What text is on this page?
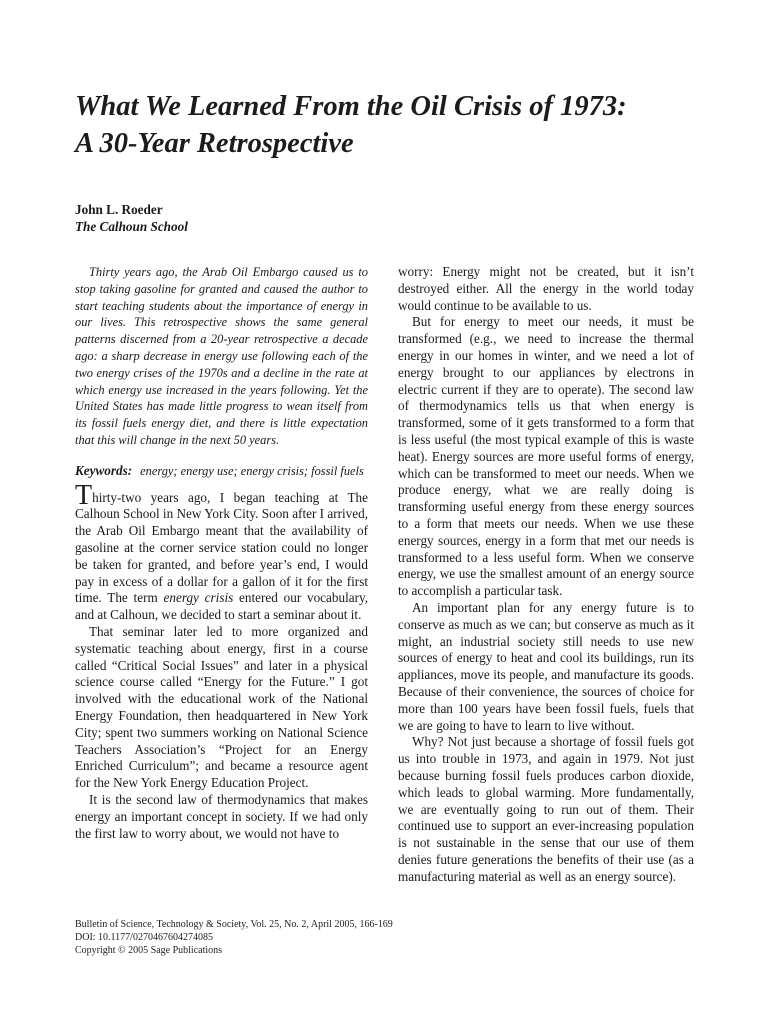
What We Learned From the Oil Crisis of 1973:
A 30-Year Retrospective
John L. Roeder
The Calhoun School

Thirty years ago, the Arab Oil Embargo caused us to stop taking gasoline for granted and caused the author to start teaching students about the importance of energy in our lives. This retrospective shows the same general patterns discerned from a 20-year retrospective a decade ago: a sharp decrease in energy use following each of the two energy crises of the 1970s and a decline in the rate at which energy use increased in the years following. Yet the United States has made little progress to wean itself from its fossil fuels energy diet, and there is little expectation that this will change in the next 50 years.

Keywords: energy; energy use; energy crisis; fossil fuels

Thirty-two years ago, I began teaching at The Calhoun School in New York City. Soon after I arrived, the Arab Oil Embargo meant that the availability of gasoline at the corner service station could no longer be taken for granted, and before year’s end, I would pay in excess of a dollar for a gallon of it for the first time. The term energy crisis entered our vocabulary, and at Calhoun, we decided to start a seminar about it.

That seminar later led to more organized and systematic teaching about energy, first in a course called “Critical Social Issues” and later in a physical science course called “Energy for the Future.” I got involved with the educational work of the National Energy Foundation, then headquartered in New York City; spent two summers working on National Science Teachers Association’s “Project for an Energy Enriched Curriculum”; and became a resource agent for the New York Energy Education Project.

It is the second law of thermodynamics that makes energy an important concept in society. If we had only the first law to worry about, we would not have to

worry: Energy might not be created, but it isn’t destroyed either. All the energy in the world today would continue to be available to us.

But for energy to meet our needs, it must be transformed (e.g., we need to increase the thermal energy in our homes in winter, and we need a lot of energy brought to our appliances by electrons in electric current if they are to operate). The second law of thermodynamics tells us that when energy is transformed, some of it gets transformed to a form that is less useful (the most typical example of this is waste heat). Energy sources are more useful forms of energy, which can be transformed to meet our needs. When we produce energy, what we are really doing is transforming useful energy from these energy sources to a form that meets our needs. When we use these energy sources, energy in a form that met our needs is transformed to a less useful form. When we conserve energy, we use the smallest amount of an energy source to accomplish a particular task.

An important plan for any energy future is to conserve as much as we can; but conserve as much as it might, an industrial society still needs to use new sources of energy to heat and cool its buildings, run its appliances, move its people, and manufacture its goods. Because of their convenience, the sources of choice for more than 100 years have been fossil fuels, fuels that we are going to have to learn to live without.

Why? Not just because a shortage of fossil fuels got us into trouble in 1973, and again in 1979. Not just because burning fossil fuels produces carbon dioxide, which leads to global warming. More fundamentally, we are eventually going to run out of them. Their continued use to support an ever-increasing population is not sustainable in the sense that our use of them denies future generations the benefits of their use (as a manufacturing material as well as an energy source).

Bulletin of Science, Technology & Society, Vol. 25, No. 2, April 2005, 166-169
DOI: 10.1177/0270467604274085
Copyright © 2005 Sage Publications
